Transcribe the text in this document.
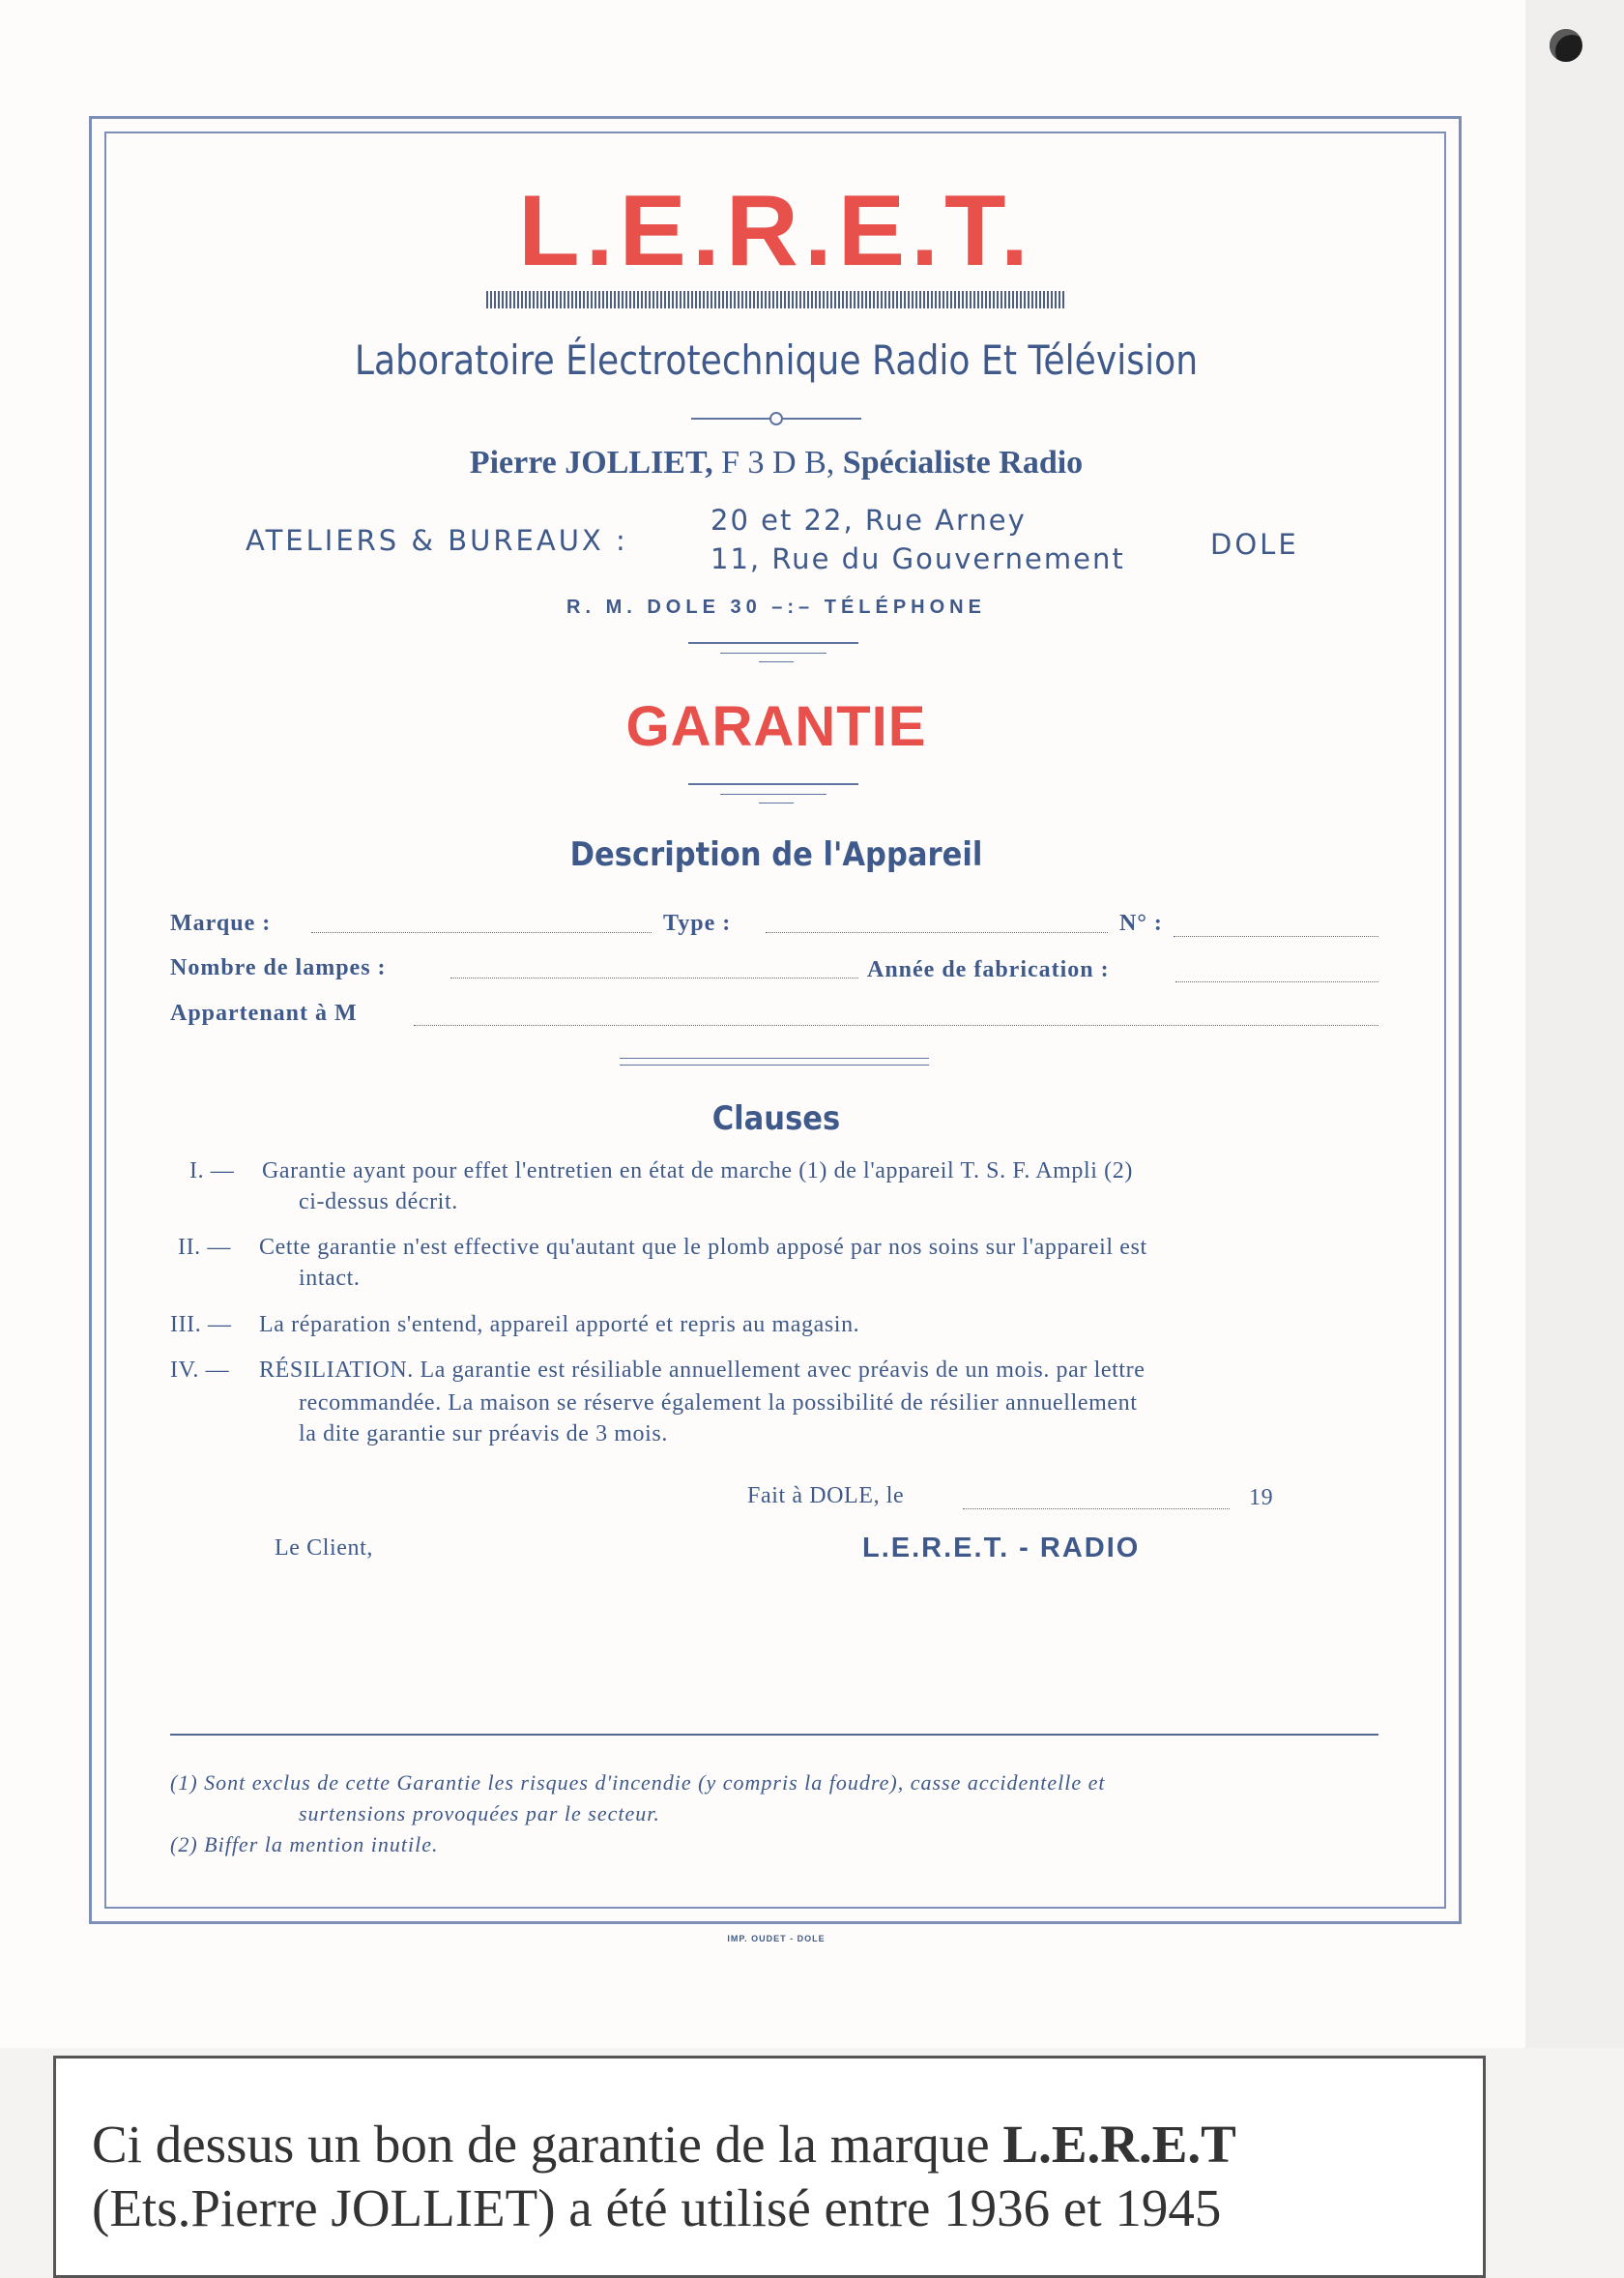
L.E.R.E.T.
Laboratoire Électrotechnique Radio Et Télévision
Pierre JOLLIET, F 3 D B, Spécialiste Radio
ATELIERS & BUREAUX :
20 et 22, Rue Arney
11, Rue du Gouvernement	DOLE
R. M. DOLE 30 –:– TÉLÉPHONE
GARANTIE
Description de l'Appareil
Marque :	Type :	N° :
Nombre de lampes :	Année de fabrication :
Appartenant à M
Clauses
I. — Garantie ayant pour effet l'entretien en état de marche (1) de l'appareil T. S. F. Ampli (2)
ci-dessus décrit.
II. — Cette garantie n'est effective qu'autant que le plomb apposé par nos soins sur l'appareil est
intact.
III. — La réparation s'entend, appareil apporté et repris au magasin.
IV. — RÉSILIATION. La garantie est résiliable annuellement avec préavis de un mois. par lettre
recommandée. La maison se réserve également la possibilité de résilier annuellement
la dite garantie sur préavis de 3 mois.
Fait à DOLE, le	19
Le Client,	L.E.R.E.T. - RADIO
(1) Sont exclus de cette Garantie les risques d'incendie (y compris la foudre), casse accidentelle et
surtensions provoquées par le secteur.
(2) Biffer la mention inutile.
IMP. OUDET - DOLE
Ci dessus un bon de garantie de la marque L.E.R.E.T
(Ets.Pierre JOLLIET) a été utilisé entre 1936 et 1945
